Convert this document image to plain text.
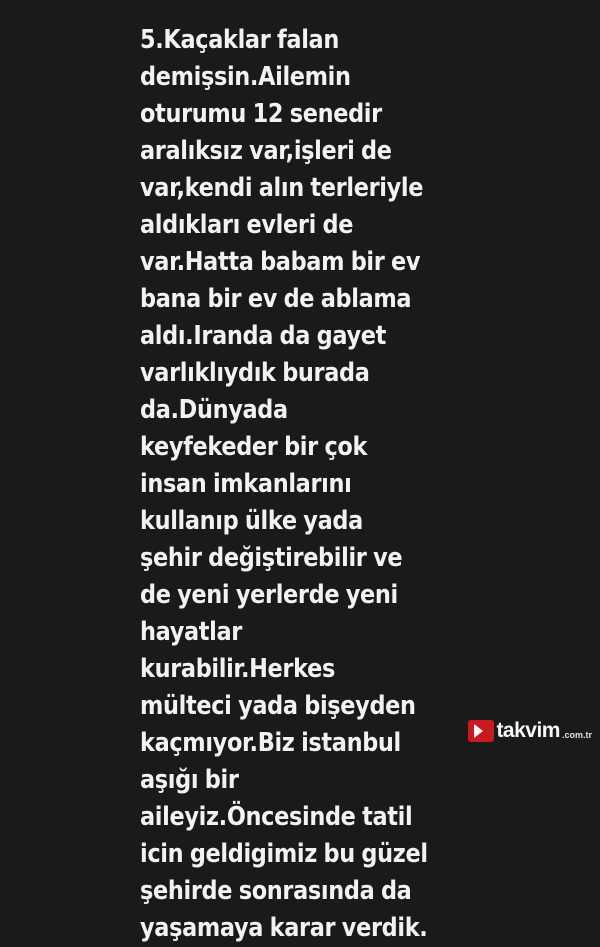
5.Kaçaklar falan demişsin.Ailemin oturumu 12 senedir aralıksız var,işleri de var,kendi alın terleriyle aldıkları evleri de var.Hatta babam bir ev bana bir ev de ablama aldı.Iranda da gayet varlıklıydık burada da.Dünyada keyfekeder bir çok insan imkanlarını kullanıp ülke yada şehir değiştirebilir ve de yeni yerlerde yeni hayatlar kurabilir.Herkes mülteci yada bişeyden kaçmıyor.Biz istanbul aşığı bir aileyiz.Öncesinde tatil icin geldigimiz bu güzel şehirde sonrasında da yaşamaya karar verdik.

takvim .com.tr
